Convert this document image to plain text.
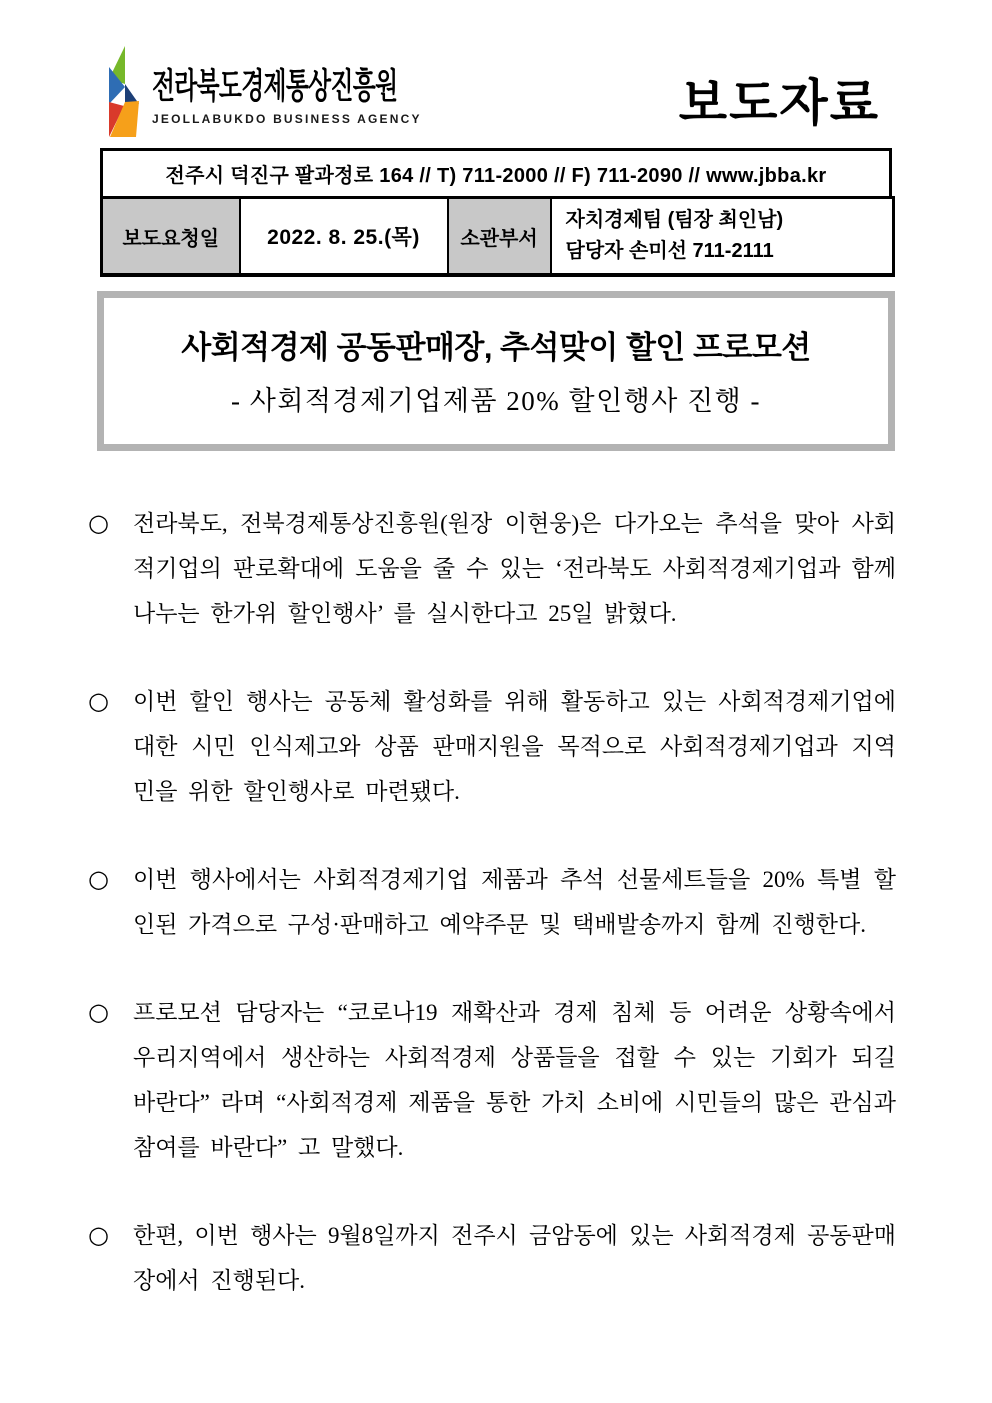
전라북도경제통상진흥원
JEOLLABUKDO BUSINESS AGENCY	보도자료
전주시 덕진구 팔과정로 164 // T) 711-2000 // F) 711-2090 // www.jbba.kr
보도요청일	2022. 8. 25.(목)	소관부서	
자치경제팀 (팀장 최인남)
담당자 손미선 711-2111
사회적경제 공동판매장, 추석맞이 할인 프로모션
- 사회적경제기업제품 20% 할인행사 진행 -
○ 전라북도, 전북경제통상진흥원(원장 이현웅)은 다가오는 추석을 맞아 사회적기업의 판로확대에 도움을 줄 수 있는 ‘전라북도 사회적경제기업과 함께 나누는 한가위 할인행사’ 를 실시한다고 25일 밝혔다.
○ 이번 할인 행사는 공동체 활성화를 위해 활동하고 있는 사회적경제기업에 대한 시민 인식제고와 상품 판매지원을 목적으로 사회적경제기업과 지역민을 위한 할인행사로 마련됐다.
○ 이번 행사에서는 사회적경제기업 제품과 추석 선물세트들을 20% 특별 할인된 가격으로 구성·판매하고 예약주문 및 택배발송까지 함께 진행한다.
○ 프로모션 담당자는 “코로나19 재확산과 경제 침체 등 어려운 상황속에서 우리지역에서 생산하는 사회적경제 상품들을 접할 수 있는 기회가 되길 바란다” 라며 “사회적경제 제품을 통한 가치 소비에 시민들의 많은 관심과 참여를 바란다” 고 말했다.
○ 한편, 이번 행사는 9월8일까지 전주시 금암동에 있는 사회적경제 공동판매장에서 진행된다.
